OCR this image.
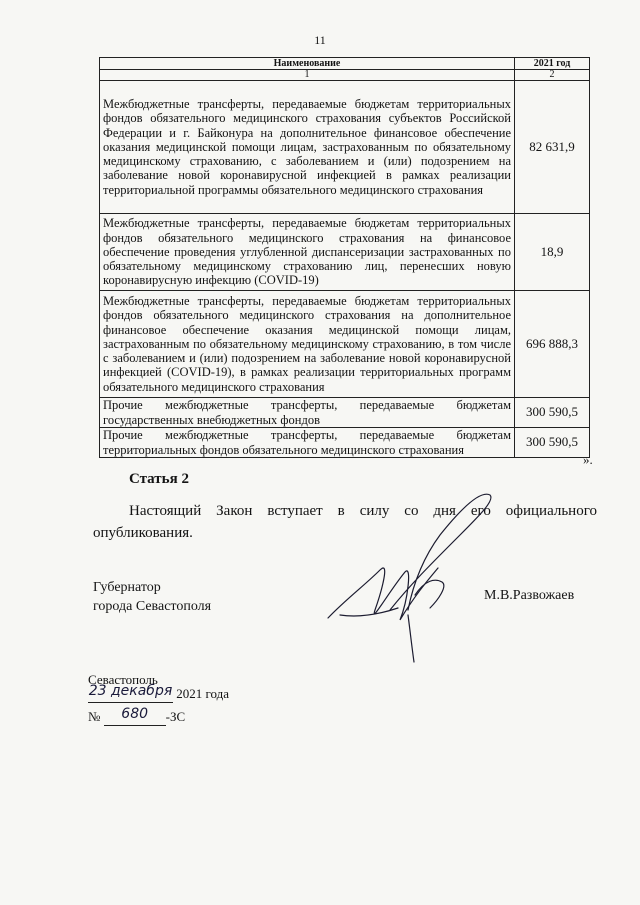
11
Наименование	2021 год
1	2
Межбюджетные трансферты, передаваемые бюджетам территориальных фондов обязательного медицинского страхования субъектов Российской Федерации и г. Байконура на дополнительное финансовое обеспечение оказания медицинской помощи лицам, застрахованным по обязательному медицинскому страхованию, с заболеванием и (или) подозрением на заболевание новой коронавирусной инфекцией в рамках реализации территориальной программы обязательного медицинского страхования	82 631,9
Межбюджетные трансферты, передаваемые бюджетам территориальных фондов обязательного медицинского страхования на финансовое обеспечение проведения углубленной диспансеризации застрахованных по обязательному медицинскому страхованию лиц, перенесших новую коронавирусную инфекцию (COVID-19)	18,9
Межбюджетные трансферты, передаваемые бюджетам территориальных фондов обязательного медицинского страхования на дополнительное финансовое обеспечение оказания медицинской помощи лицам, застрахованным по обязательному медицинскому страхованию, в том числе с заболеванием и (или) подозрением на заболевание новой коронавирусной инфекцией (COVID-19), в рамках реализации территориальных программ обязательного медицинского страхования	696 888,3
Прочие межбюджетные трансферты, передаваемые бюджетам государственных внебюджетных фондов	300 590,5
Прочие межбюджетные трансферты, передаваемые бюджетам территориальных фондов обязательного медицинского страхования	300 590,5
».
Статья 2
Настоящий Закон вступает в силу со дня его официального опубликования.
Губернатор
города Севастополя
М.В.Развожаев
Севастополь
23 декабря 2021 года
№ 680 -ЗС
